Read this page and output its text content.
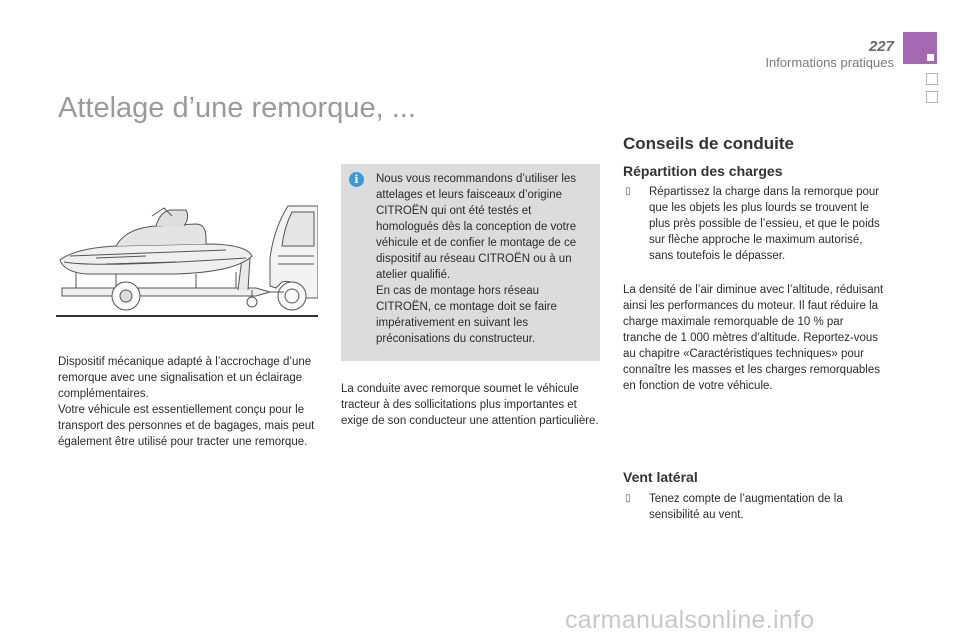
227
Informations pratiques
Attelage d’une remorque, ...

Dispositif mécanique adapté à l’accrochage d’une remorque avec une signalisation et un éclairage complémentaires.

Votre véhicule est essentiellement conçu pour le transport des personnes et de bagages, mais peut également être utilisé pour tracter une remorque.

i	Nous vous recommandons d’utiliser les attelages et leurs faisceaux d’origine CITROËN qui ont été testés et homologués dès la conception de votre véhicule et de confier le montage de ce dispositif au réseau CITROËN ou à un atelier qualifié.

En cas de montage hors réseau CITROËN, ce montage doit se faire impérativement en suivant les préconisations du constructeur.

La conduite avec remorque soumet le véhicule tracteur à des sollicitations plus importantes et exige de son conducteur une attention particulière.

Conseils de conduite
Répartition des charges
▯	Répartissez la charge dans la remorque pour que les objets les plus lourds se trouvent le plus près possible de l’essieu, et que le poids sur flèche approche le maximum autorisé, sans toutefois le dépasser.

La densité de l’air diminue avec l’altitude, réduisant ainsi les performances du moteur. Il faut réduire la charge maximale remorquable de 10 % par tranche de 1 000 mètres d’altitude. Reportez-vous au chapitre «Caractéristiques techniques» pour connaître les masses et les charges remorquables en fonction de votre véhicule.

Vent latéral
▯	Tenez compte de l’augmentation de la sensibilité au vent.
carmanualsonline.info
